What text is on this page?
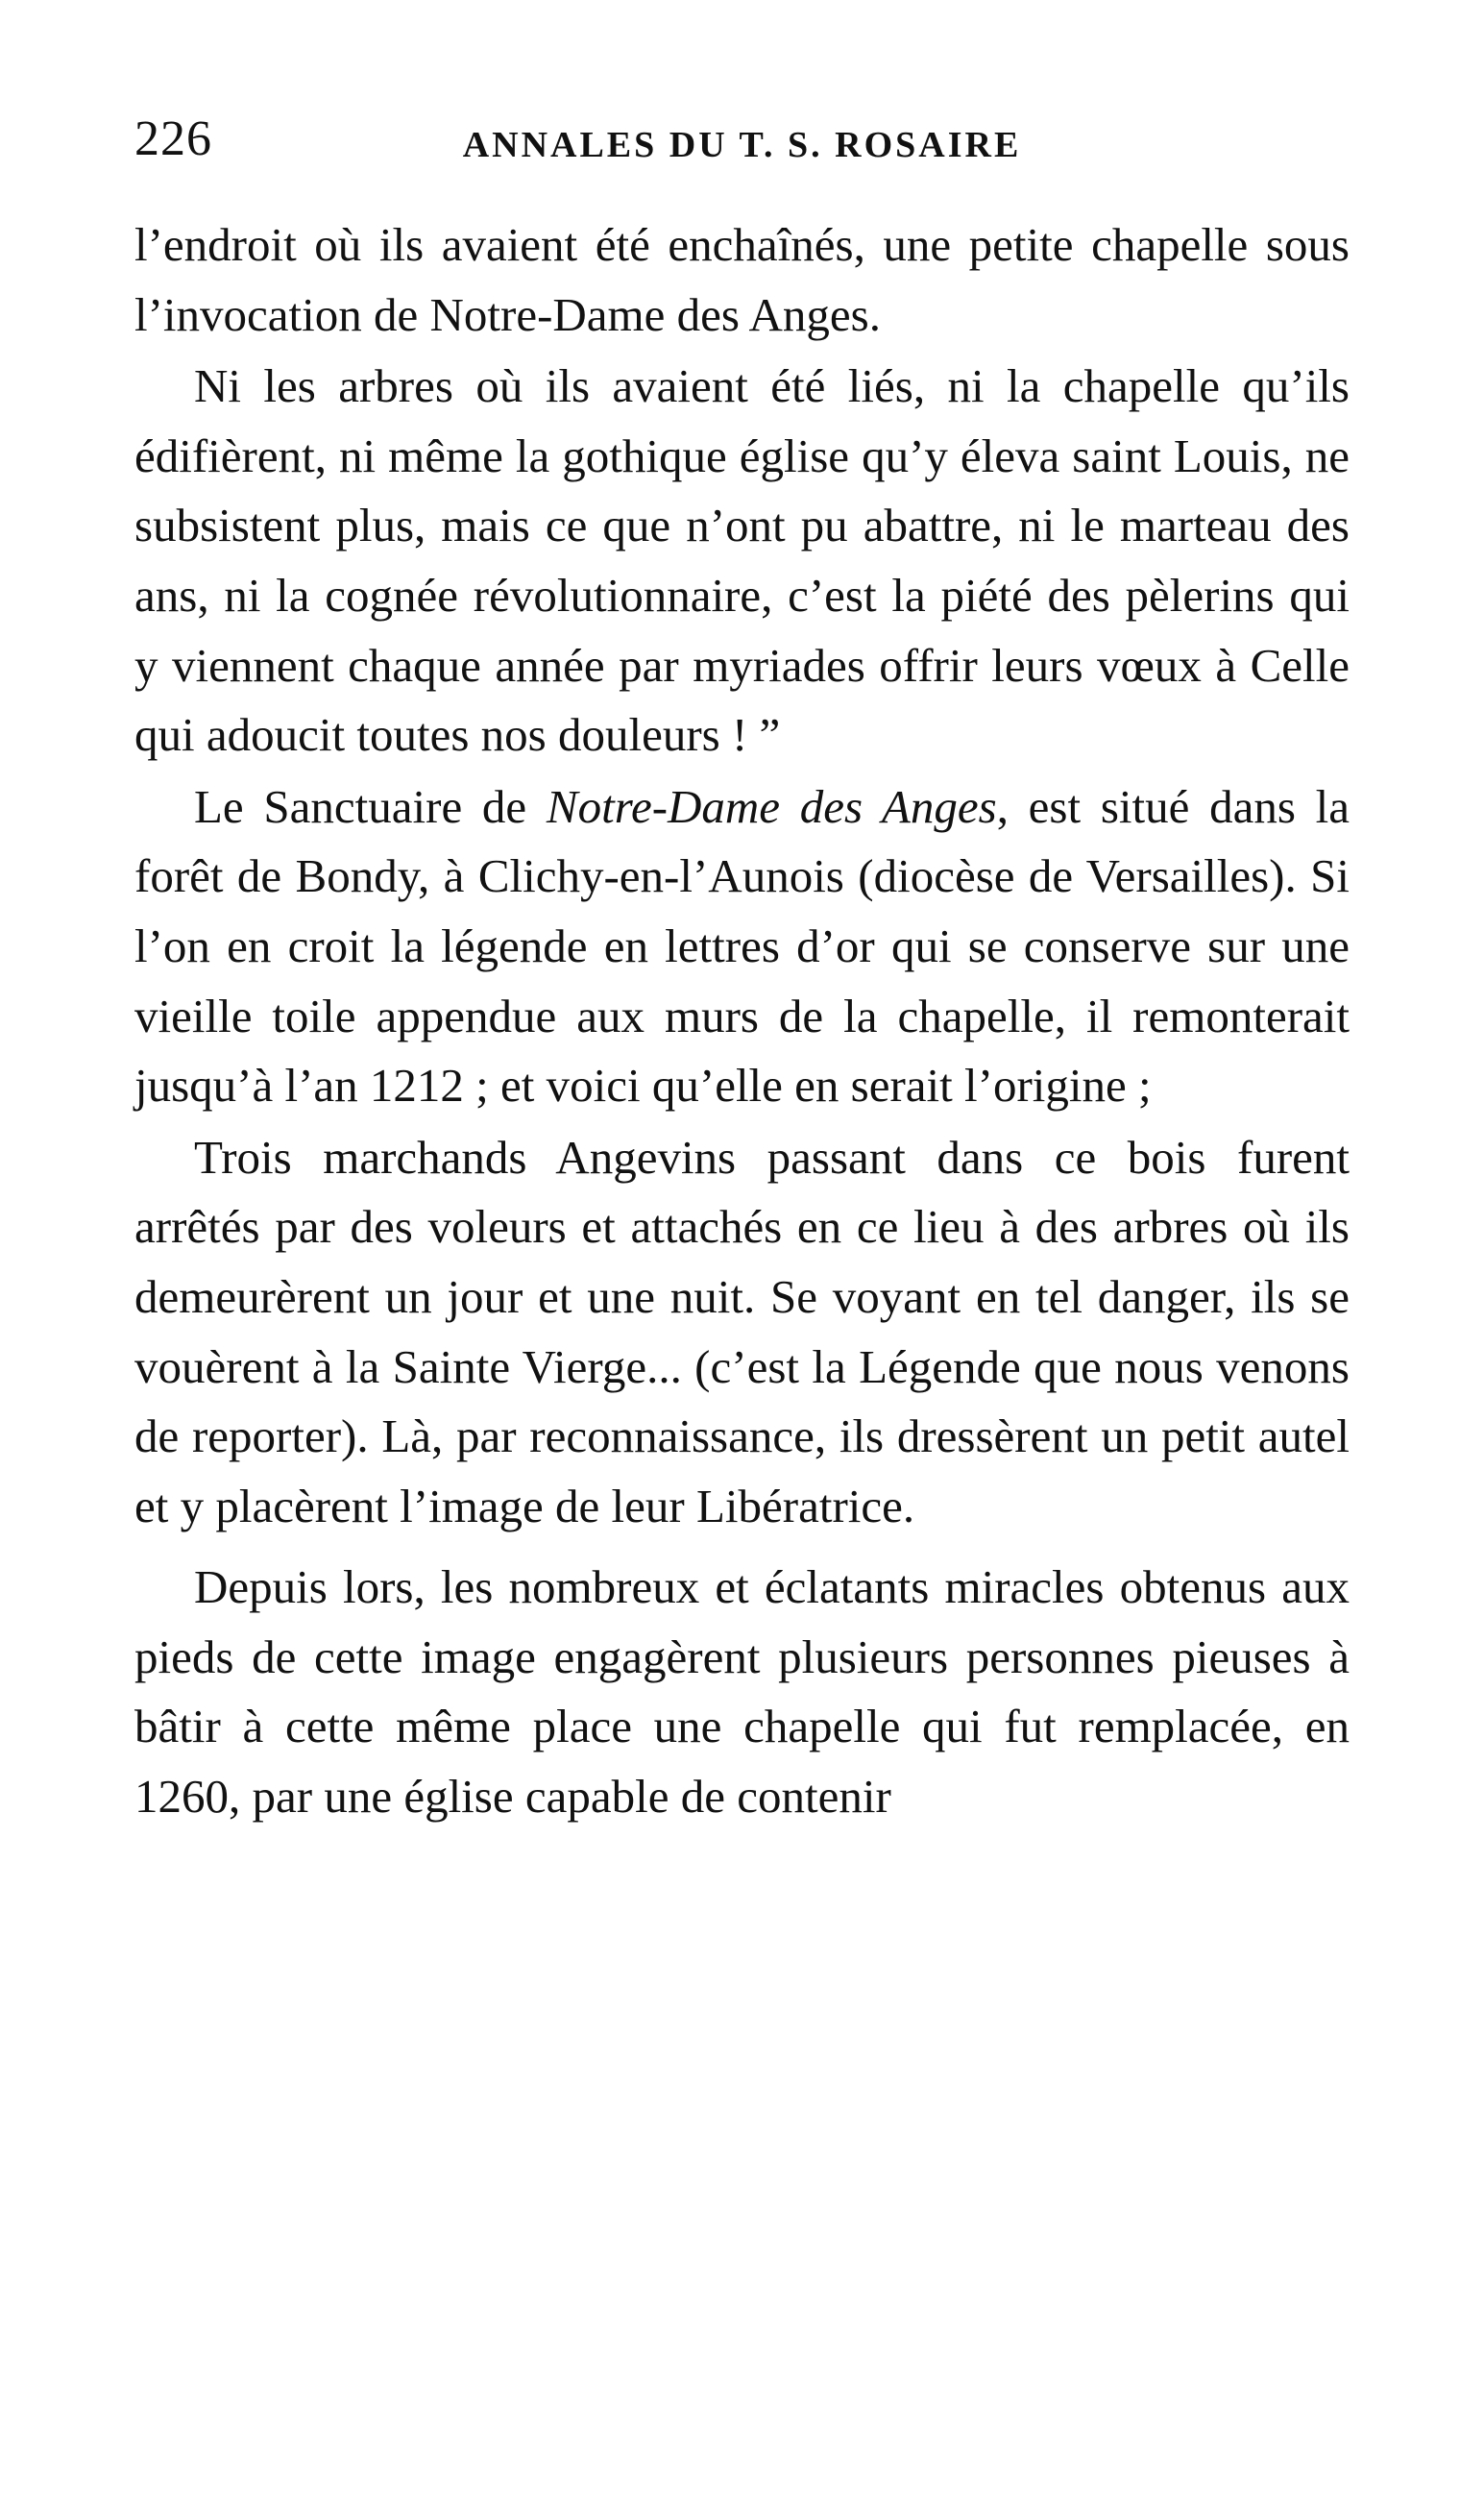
226	ANNALES DU T. S. ROSAIRE

l’endroit où ils avaient été enchaînés, une petite chapelle sous l’invocation de Notre-Dame des Anges.

Ni les arbres où ils avaient été liés, ni la chapelle qu’ils édifièrent, ni même la gothique église qu’y éleva saint Louis, ne subsistent plus, mais ce que n’ont pu abattre, ni le marteau des ans, ni la cognée révolutionnaire, c’est la piété des pèlerins qui y viennent chaque année par myriades offrir leurs vœux à Celle qui adoucit toutes nos douleurs ! ”

Le Sanctuaire de Notre-Dame des Anges, est situé dans la forêt de Bondy, à Clichy-en-l’Aunois (diocèse de Versailles). Si l’on en croit la légende en lettres d’or qui se conserve sur une vieille toile appendue aux murs de la chapelle, il remonterait jusqu’à l’an 1212 ; et voici qu’elle en serait l’origine ;

Trois marchands Angevins passant dans ce bois furent arrêtés par des voleurs et attachés en ce lieu à des arbres où ils demeurèrent un jour et une nuit. Se voyant en tel danger, ils se vouèrent à la Sainte Vierge... (c’est la Légende que nous venons de reporter). Là, par reconnaissance, ils dressèrent un petit autel et y placèrent l’image de leur Libératrice.

Depuis lors, les nombreux et éclatants miracles obtenus aux pieds de cette image engagèrent plusieurs personnes pieuses à bâtir à cette même place une chapelle qui fut remplacée, en 1260, par une église capable de contenir
